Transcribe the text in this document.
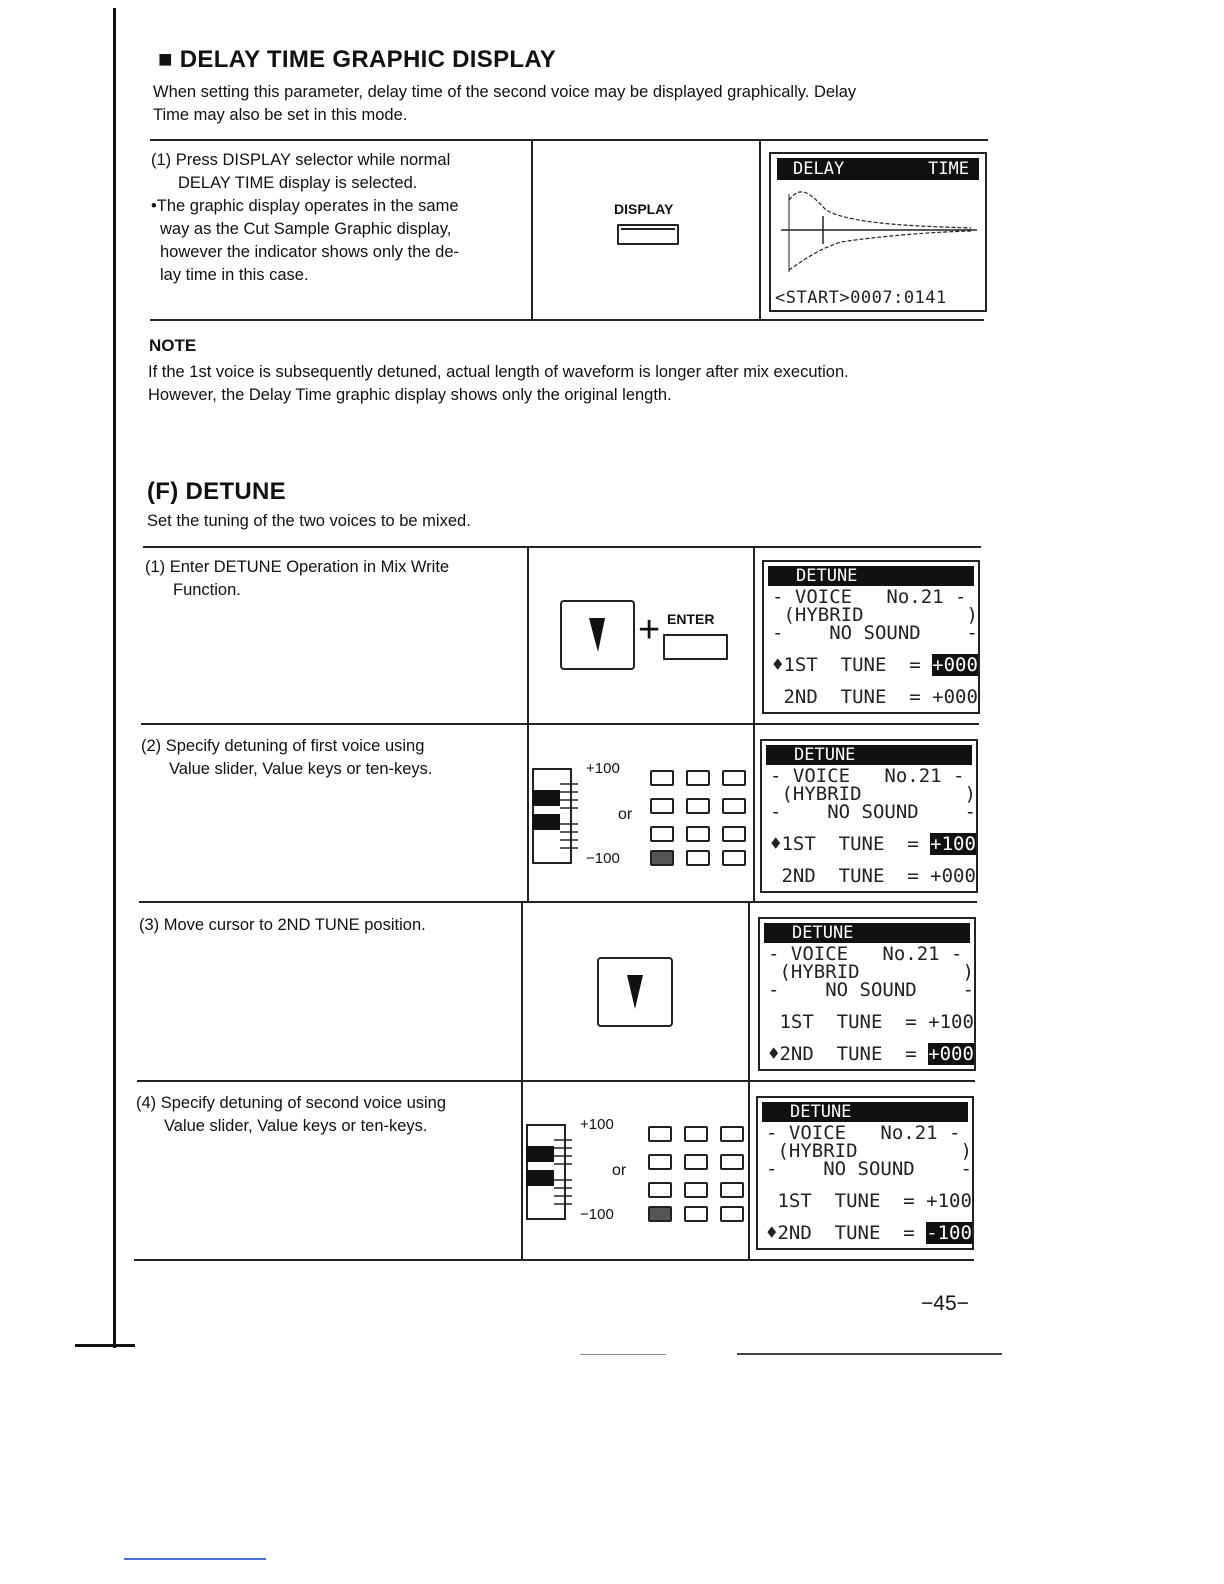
■ DELAY TIME GRAPHIC DISPLAY
When setting this parameter, delay time of the second voice may be displayed graphically. Delay
Time may also be set in this mode.
(1) Press DISPLAY selector while normal
DELAY TIME display is selected.
•The graphic display operates in the same
way as the Cut Sample Graphic display,
however the indicator shows only the de-
lay time in this case.
DISPLAY
DELAY	TIME
<START>0007:0141
NOTE
If the 1st voice is subsequently detuned, actual length of waveform is longer after mix execution.
However, the Delay Time graphic display shows only the original length.
(F) DETUNE
Set the tuning of the two voices to be mixed.
(1) Enter DETUNE Operation in Mix Write
Function.
(2) Specify detuning of first voice using
Value slider, Value keys or ten-keys.
(3) Move cursor to 2ND TUNE position.
(4) Specify detuning of second voice using
Value slider, Value keys or ten-keys.
+ ENTER
+100
−100
or
+100
−100
or
DETUNE
- VOICE   No.21 -
(HYBRID         )
-    NO SOUND    -
♦1ST  TUNE  = +000
2ND  TUNE  = +000
DETUNE
- VOICE   No.21 -
(HYBRID         )
-    NO SOUND    -
♦1ST  TUNE  = +100
2ND  TUNE  = +000
DETUNE
- VOICE   No.21 -
(HYBRID         )
-    NO SOUND    -
1ST  TUNE  = +100
♦2ND  TUNE  = +000
DETUNE
- VOICE   No.21 -
(HYBRID         )
-    NO SOUND    -
1ST  TUNE  = +100
♦2ND  TUNE  = -100
−45−
